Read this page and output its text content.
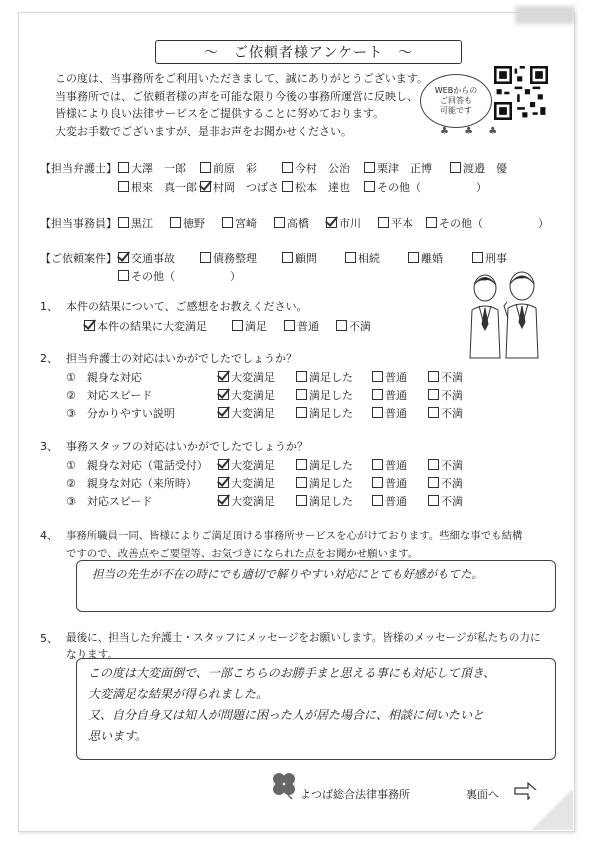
～　ご依頼者様アンケート　～
この度は、当事務所をご利用いただきまして、誠にありがとうございます。
当事務所では、ご依頼者様の声を可能な限り今後の事務所運営に反映し、
皆様により良い法律サービスをご提供することに努めております。
大変お手数でございますが、是非お声をお聞かせください。
WEBからの
ご回答も
可能です
♣ ♣ ♣
【担当弁護士】	大澤　一郎	前原　彩	今村　公治	栗津　正博	渡邉　優
根來　真一郎	村岡　つばさ	松本　達也	その他（　　　　　）
【担当事務員】	黒江	徳野	宮崎	高橋	市川	平本	その他（　　　　　）
【ご依頼案件】	交通事故	債務整理	顧問	相続	離婚	刑事
その他（　　　　　）
1、 本件の結果について、ご感想をお教えください。
本件の結果に大変満足	満足	普通	不満
2、 担当弁護士の対応はいかがでしたでしょうか？
①　親身な対応	大変満足	満足した	普通	不満
②　対応スピード	大変満足	満足した	普通	不満
③　分かりやすい説明	大変満足	満足した	普通	不満
3、 事務スタッフの対応はいかがでしたでしょうか？
①　親身な対応（電話受付）	大変満足	満足した	普通	不満
②　親身な対応（来所時）	大変満足	満足した	普通	不満
③　対応スピード	大変満足	満足した	普通	不満
4、 事務所職員一同、皆様によりご満足頂ける事務所サービスを心がけております。些細な事でも結構
ですので、改善点やご要望等、お気づきになられた点をお聞かせ願います。
担当の先生が不在の時にでも適切で解りやすい対応にとても好感がもてた。
5、 最後に、担当した弁護士・スタッフにメッセージをお願いします。皆様のメッセージが私たちの力に
なります。
この度は大変面倒で、一部こちらのお勝手まと思える事にも対応して頂き、
大変満足な結果が得られました。
又、自分自身又は知人が問題に困った人が居た場合に、相談に伺いたいと
思います。
よつば総合法律事務所	裏面へ
